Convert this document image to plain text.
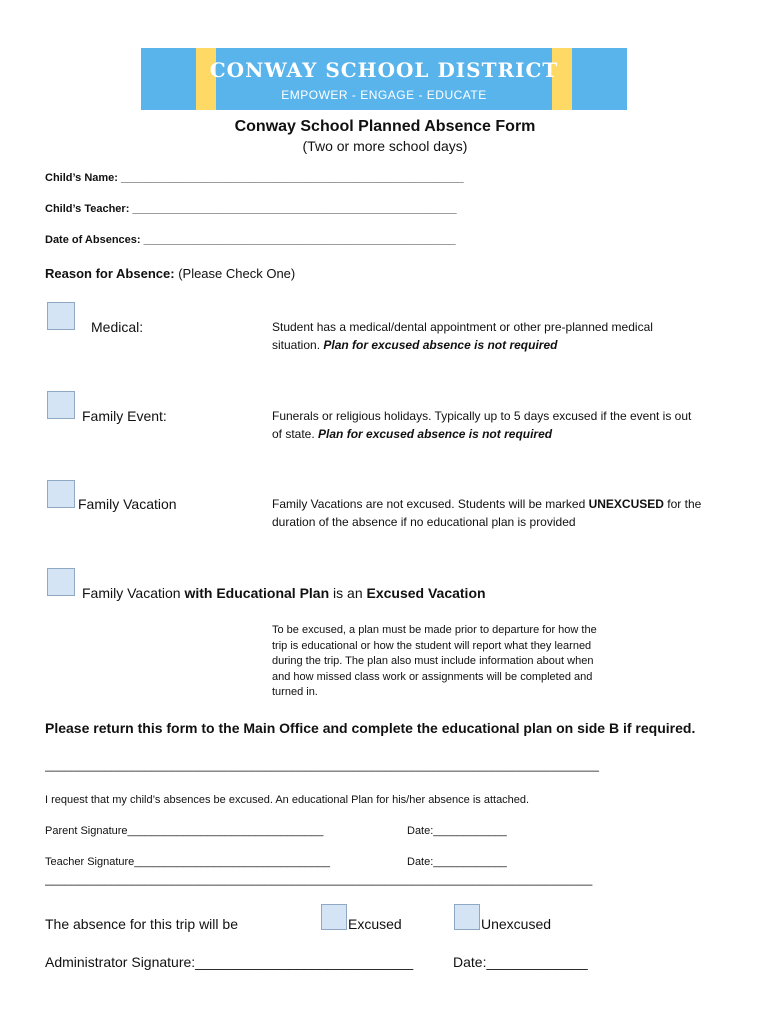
CONWAY SCHOOL DISTRICT
EMPOWER - ENGAGE - EDUCATE
Conway School Planned Absence Form
(Two or more school days)
Child’s Name: ________________________________________________________
Child’s Teacher: _____________________________________________________
Date of Absences: ___________________________________________________
Reason for Absence: (Please Check One)
Medical:	Student has a medical/dental appointment or other pre-planned medical situation. Plan for excused absence is not required
Family Event:	Funerals or religious holidays. Typically up to 5 days excused if the event is out of state. Plan for excused absence is not required
Family Vacation	Family Vacations are not excused. Students will be marked UNEXCUSED for the duration of the absence if no educational plan is provided
Family Vacation with Educational Plan is an Excused Vacation
To be excused, a plan must be made prior to departure for how the trip is educational or how the student will report what they learned during the trip. The plan also must include information about when and how missed class work or assignments will be completed and turned in.
Please return this form to the Main Office and complete the educational plan on side B if required.
___________________________________________________________________________________
I request that my child’s absences be excused. An educational Plan for his/her absence is attached.
Parent Signature________________________________	Date:____________
Teacher Signature________________________________	Date:____________
__________________________________________________________________________________
The absence for this trip will be	Excused	Unexcused
Administrator Signature:____________________________	Date:_____________
